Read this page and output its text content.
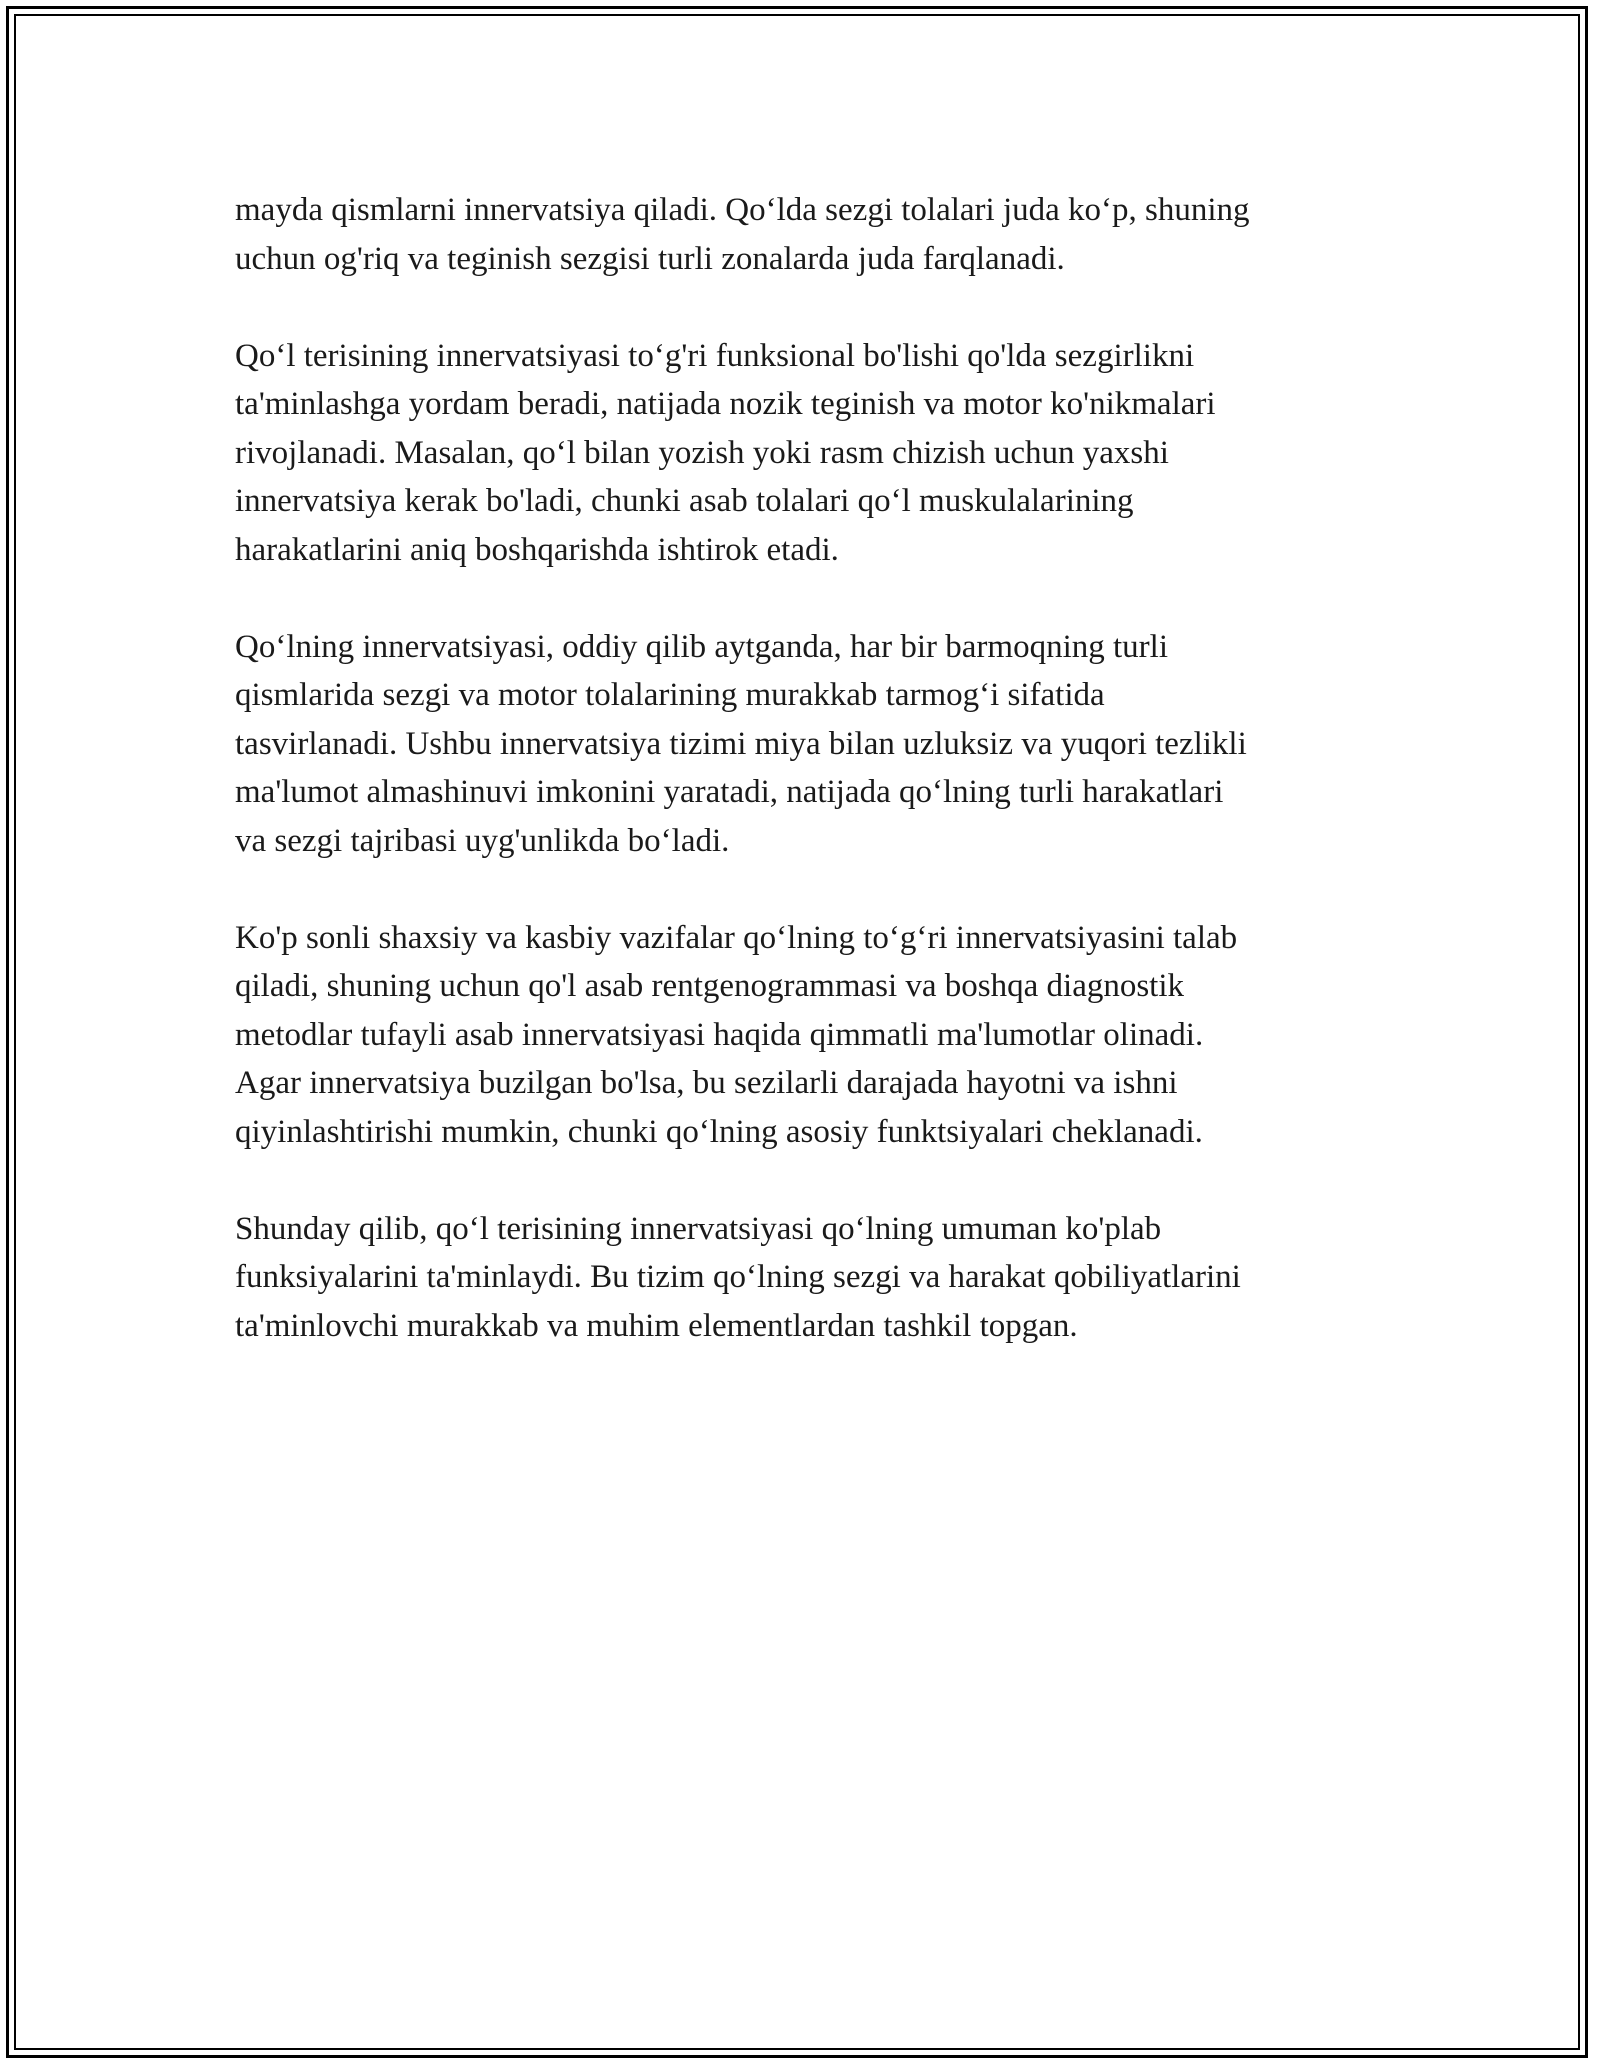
mayda qismlarni innervatsiya qiladi. Qo‘lda sezgi tolalari juda ko‘p, shuning
uchun og'riq va teginish sezgisi turli zonalarda juda farqlanadi.

Qo‘l terisining innervatsiyasi to‘g'ri funksional bo'lishi qo'lda sezgirlikni
ta'minlashga yordam beradi, natijada nozik teginish va motor ko'nikmalari
rivojlanadi. Masalan, qo‘l bilan yozish yoki rasm chizish uchun yaxshi
innervatsiya kerak bo'ladi, chunki asab tolalari qo‘l muskulalarining
harakatlarini aniq boshqarishda ishtirok etadi.

Qo‘lning innervatsiyasi, oddiy qilib aytganda, har bir barmoqning turli
qismlarida sezgi va motor tolalarining murakkab tarmog‘i sifatida
tasvirlanadi. Ushbu innervatsiya tizimi miya bilan uzluksiz va yuqori tezlikli
ma'lumot almashinuvi imkonini yaratadi, natijada qo‘lning turli harakatlari
va sezgi tajribasi uyg'unlikda bo‘ladi.

Ko'p sonli shaxsiy va kasbiy vazifalar qo‘lning to‘g‘ri innervatsiyasini talab
qiladi, shuning uchun qo'l asab rentgenogrammasi va boshqa diagnostik
metodlar tufayli asab innervatsiyasi haqida qimmatli ma'lumotlar olinadi.
Agar innervatsiya buzilgan bo'lsa, bu sezilarli darajada hayotni va ishni
qiyinlashtirishi mumkin, chunki qo‘lning asosiy funktsiyalari cheklanadi.

Shunday qilib, qo‘l terisining innervatsiyasi qo‘lning umuman ko'plab
funksiyalarini ta'minlaydi. Bu tizim qo‘lning sezgi va harakat qobiliyatlarini
ta'minlovchi murakkab va muhim elementlardan tashkil topgan.
